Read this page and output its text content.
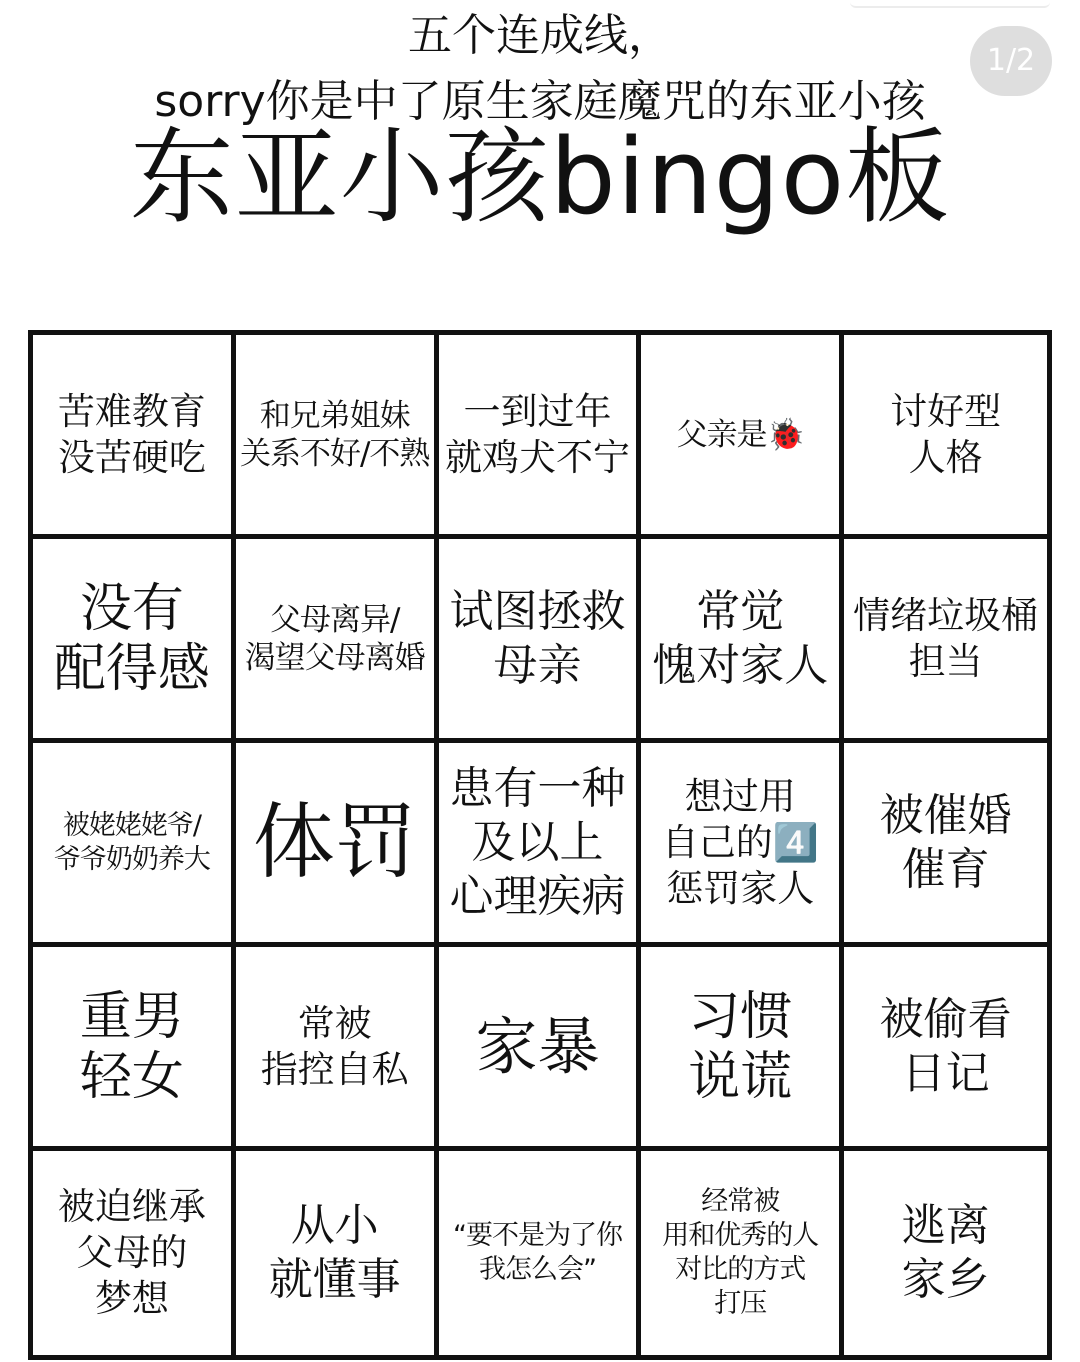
五个连成线，
sorry你是中了原生家庭魔咒的东亚小孩
东亚小孩bingo板
1/2
苦难教育
没苦硬吃
和兄弟姐妹
关系不好/不熟
一到过年
就鸡犬不宁
父亲是🐞
讨好型
人格
没有
配得感
父母离异/
渴望父母离婚
试图拯救
母亲
常觉
愧对家人
情绪垃圾桶
担当
被姥姥姥爷/
爷爷奶奶养大 体罚
患有一种
及以上
心理疾病
想过用
自己的4️⃣
惩罚家人
被催婚
催育
重男
轻女
常被
指控自私 家暴 习惯
说谎
被偷看
日记
被迫继承
父母的
梦想
从小
就懂事
“要不是为了你
我怎么会”
经常被
用和优秀的人
对比的方式
打压
逃离
家乡
